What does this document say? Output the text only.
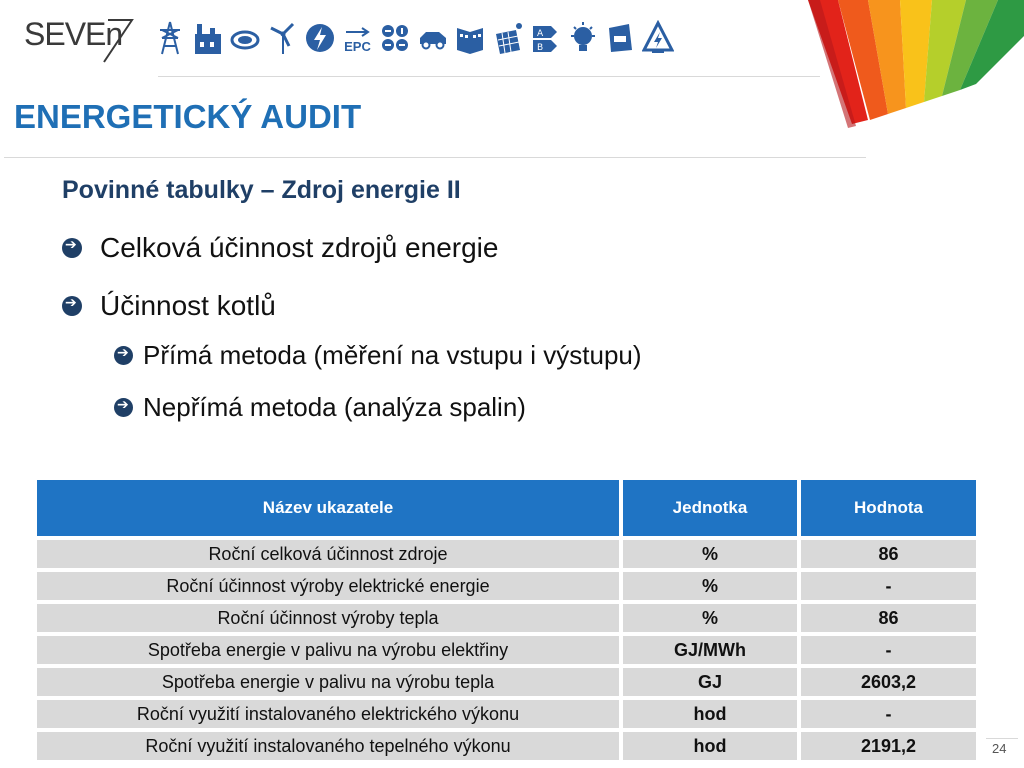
SEVEn	EPC
A
B
ENERGETICKÝ AUDIT
Povinné tabulky – Zdroj energie II
➔
Celková účinnost zdrojů energie
➔
Účinnost kotlů
➔
Přímá metoda (měření na vstupu i výstupu)
➔
Nepřímá metoda (analýza spalin)
Název ukazatele	Jednotka	Hodnota
Roční celková účinnost zdroje	%	86
Roční účinnost výroby elektrické energie	%	-
Roční účinnost výroby tepla	%	86
Spotřeba energie v palivu na výrobu elektřiny	GJ/MWh	-
Spotřeba energie v palivu na výrobu tepla	GJ	2603,2
Roční využití instalovaného elektrického výkonu	hod	-
Roční využití instalovaného tepelného výkonu	hod	2191,2	24
